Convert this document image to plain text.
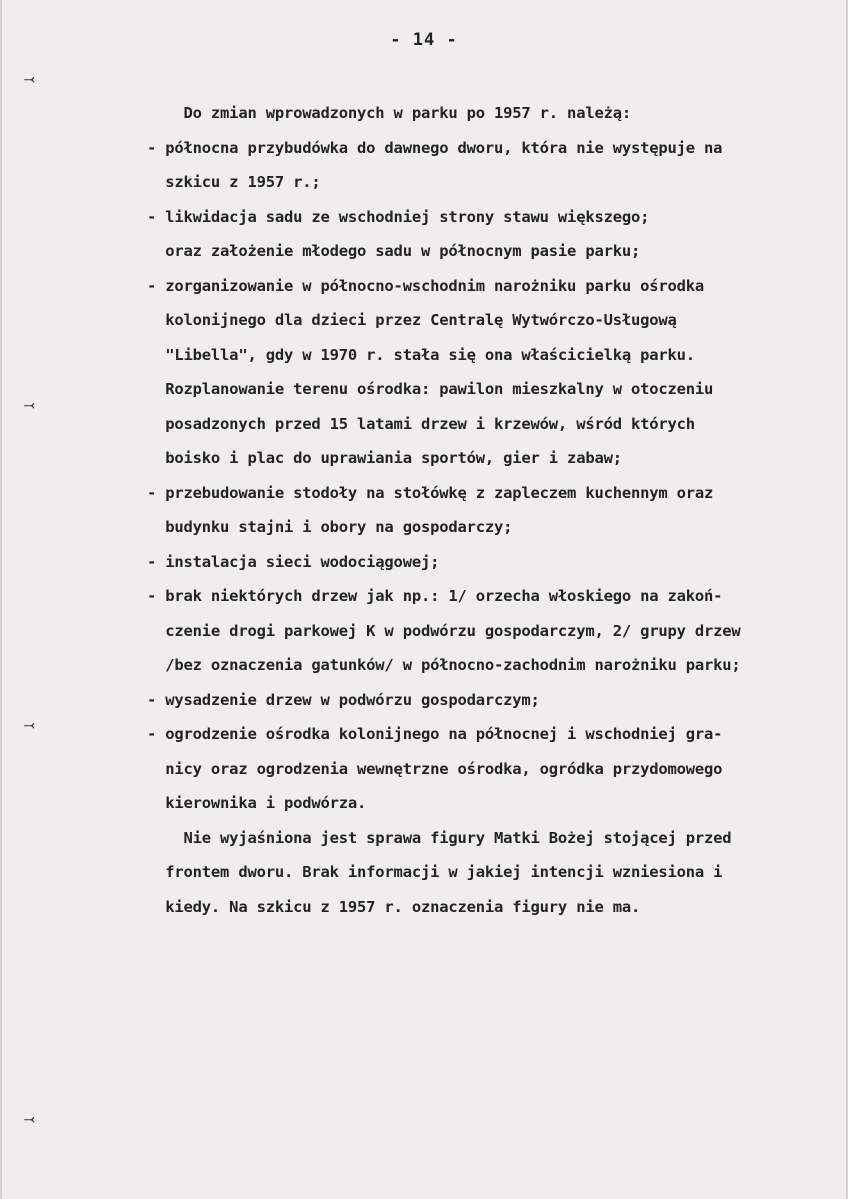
- 14 -
⤙
⤙
⤙
⤙
Do zmian wprowadzonych w parku po 1957 r. należą:
- północna przybudówka do dawnego dworu, która nie występuje na
szkicu z 1957 r.;
- likwidacja sadu ze wschodniej strony stawu większego;
oraz założenie młodego sadu w północnym pasie parku;
- zorganizowanie w północno-wschodnim narożniku parku ośrodka
kolonijnego dla dzieci przez Centralę Wytwórczo-Usługową
"Libella", gdy w 1970 r. stała się ona właścicielką parku.
Rozplanowanie terenu ośrodka: pawilon mieszkalny w otoczeniu
posadzonych przed 15 latami drzew i krzewów, wśród których
boisko i plac do uprawiania sportów, gier i zabaw;
- przebudowanie stodoły na stołówkę z zapleczem kuchennym oraz
budynku stajni i obory na gospodarczy;
- instalacja sieci wodociągowej;
- brak niektórych drzew jak np.: 1/ orzecha włoskiego na zakoń-
czenie drogi parkowej K w podwórzu gospodarczym, 2/ grupy drzew
/bez oznaczenia gatunków/ w północno-zachodnim narożniku parku;
- wysadzenie drzew w podwórzu gospodarczym;
- ogrodzenie ośrodka kolonijnego na północnej i wschodniej gra-
nicy oraz ogrodzenia wewnętrzne ośrodka, ogródka przydomowego
kierownika i podwórza.
Nie wyjaśniona jest sprawa figury Matki Bożej stojącej przed
frontem dworu. Brak informacji w jakiej intencji wzniesiona i
kiedy. Na szkicu z 1957 r. oznaczenia figury nie ma.
